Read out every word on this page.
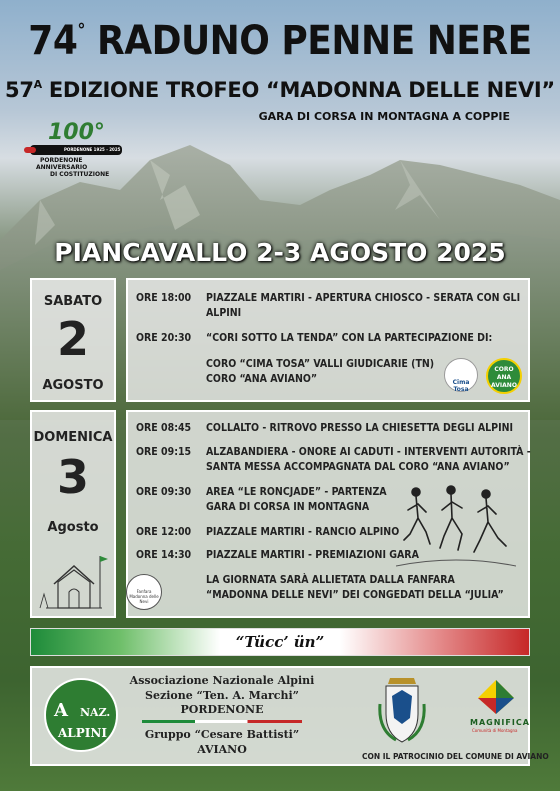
74° RADUNO PENNE NERE
$57^A$ EDIZIONE TROFEO “MADONNA DELLE NEVI”
GARA DI CORSA IN MONTAGNA A COPPIE
100°
PORDENONE 1925 - 2025
PORDENONE
ANNIVERSARIO
DI COSTITUZIONE
PIANCAVALLO 2-3 AGOSTO 2025
SABATO
2
AGOSTO
ORE 18:00 PIAZZALE MARTIRI - APERTURA CHIOSCO - SERATA CON GLI
ALPINI
ORE 20:30 “CORI SOTTO LA TENDA” CON LA PARTECIPAZIONE DI:
CORO “CIMA TOSA” VALLI GIUDICARIE (TN)
CORO “ANA AVIANO”	Cima Tosa
CORO
ANA
AVIANO
DOMENICA
3
Agosto
ORE 08:45 COLLALTO - RITROVO PRESSO LA CHIESETTA DEGLI ALPINI
ORE 09:15 ALZABANDIERA - ONORE AI CADUTI - INTERVENTI AUTORITÀ -
SANTA MESSA ACCOMPAGNATA DAL CORO “ANA AVIANO”
ORE 09:30 AREA “LE RONCJADE” - PARTENZA
GARA DI CORSA IN MONTAGNA
ORE 12:00 PIAZZALE MARTIRI - RANCIO ALPINO
ORE 14:30 PIAZZALE MARTIRI - PREMIAZIONI GARA
LA GIORNATA SARÀ ALLIETATA DALLA FANFARA
“MADONNA DELLE NEVI” DEI CONGEDATI DELLA “JULIA”
Fanfara Madonna delle Nevi
“Tücc’ ün”
A NAZ.
ALPINI
Associazione Nazionale Alpini
Sezione “Ten. A. Marchi”
PORDENONE
Gruppo “Cesare Battisti”
AVIANO
MAGNIFICA
Comunità di Montagna
CON IL PATROCINIO DEL COMUNE DI AVIANO
